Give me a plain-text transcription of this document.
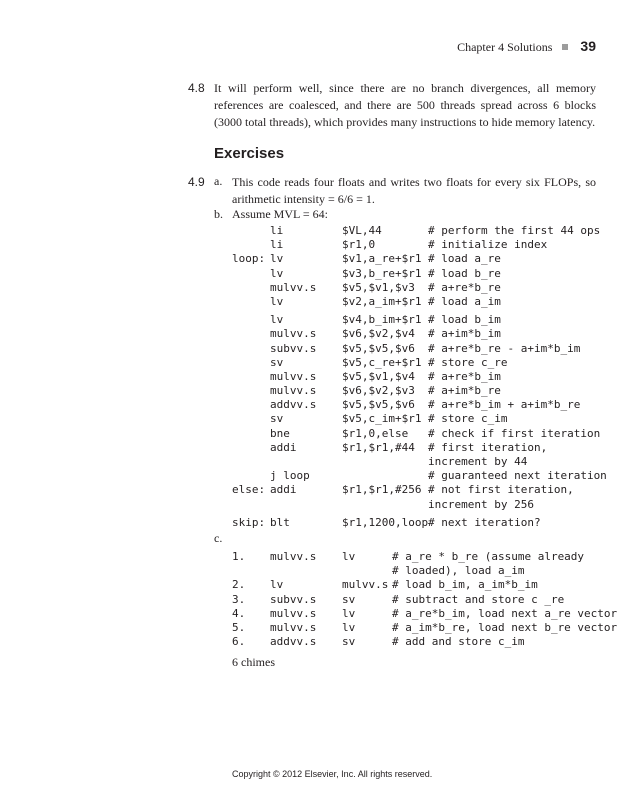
Chapter 4 Solutions 39
4.8 It will perform well, since there are no branch divergences, all memory references are coalesced, and there are 500 threads spread across 6 blocks (3000 total threads), which provides many instructions to hide memory latency.
Exercises
4.9 a. This code reads four floats and writes two floats for every six FLOPs, so arithmetic intensity = 6/6 = 1.
b. Assume MVL = 64:
li	$VL,44	# perform the first 44 ops
li	$r1,0	# initialize index
loop: lv	$v1,a_re+$r1 # load a_re
lv	$v3,b_re+$r1 # load b_re
mulvv.s $v5,$v1,$v3 # a+re*b_re
lv	$v2,a_im+$r1 # load a_im
lv	$v4,b_im+$r1 # load b_im
mulvv.s $v6,$v2,$v4 # a+im*b_im
subvv.s $v5,$v5,$v6 # a+re*b_re - a+im*b_im
sv	$v5,c_re+$r1 # store c_re
mulvv.s $v5,$v1,$v4 # a+re*b_im
mulvv.s $v6,$v2,$v3 # a+im*b_re
addvv.s $v5,$v5,$v6 # a+re*b_im + a+im*b_re
sv	$v5,c_im+$r1 # store c_im
bne	$r1,0,else # check if first iteration
addi	$r1,$r1,#44 # first iteration,
increment by 44
j loop	# guaranteed next iteration
else: addi	$r1,$r1,#256 # not first iteration,
increment by 256
skip: blt	$r1,1200,loop # next iteration?
c.
1. mulvv.s lv	# a_re * b_re (assume already
# loaded), load a_im
2. lv	mulvv.s # load b_im, a_im*b_im
3. subvv.s sv	# subtract and store c _re
4. mulvv.s lv	# a_re*b_im, load next a_re vector
5. mulvv.s lv	# a_im*b_re, load next b_re vector
6. addvv.s sv	# add and store c_im
6 chimes
Copyright © 2012 Elsevier, Inc. All rights reserved.
